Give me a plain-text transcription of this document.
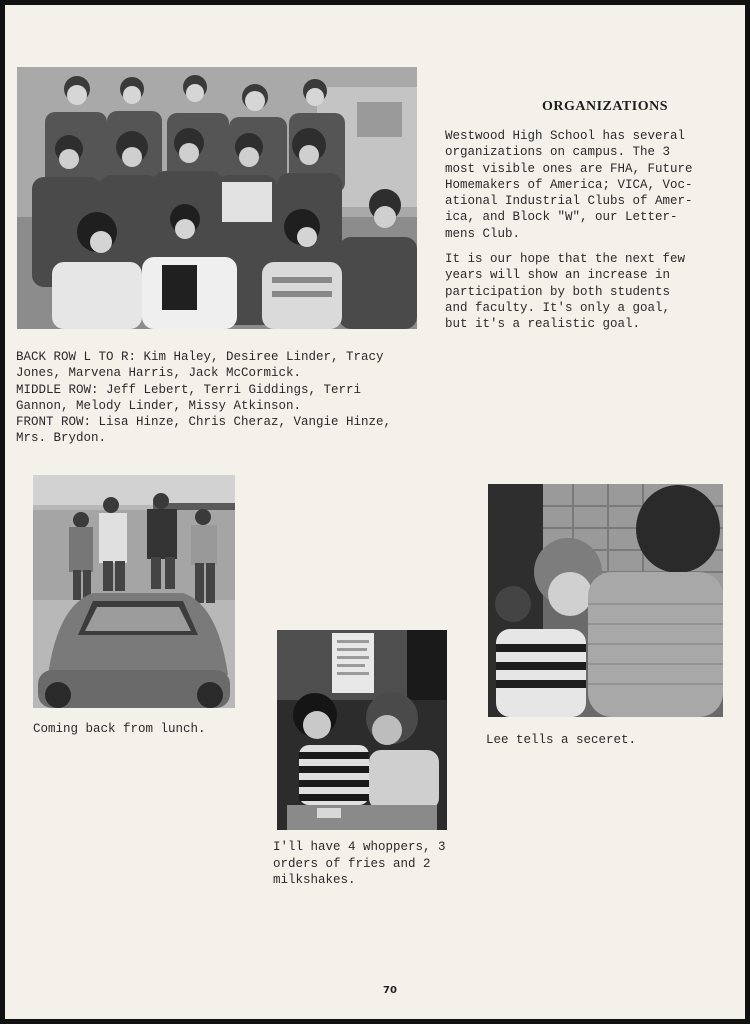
ORGANIZATIONS

Westwood High School has several
organizations on campus. The 3
most visible ones are FHA, Future
Homemakers of America; VICA, Voc-
ational Industrial Clubs of Amer-
ica, and Block "W", our Letter-
mens Club.

It is our hope that the next few
years will show an increase in
participation by both students
and faculty. It's only a goal,
but it's a realistic goal.

BACK ROW L TO R: Kim Haley, Desiree Linder, Tracy
Jones, Marvena Harris, Jack McCormick.
MIDDLE ROW: Jeff Lebert, Terri Giddings, Terri
Gannon, Melody Linder, Missy Atkinson.
FRONT ROW: Lisa Hinze, Chris Cheraz, Vangie Hinze,
Mrs. Brydon.
Coming back from lunch.
I'll have 4 whoppers, 3
orders of fries and 2
milkshakes.
Lee tells a seceret.
70
